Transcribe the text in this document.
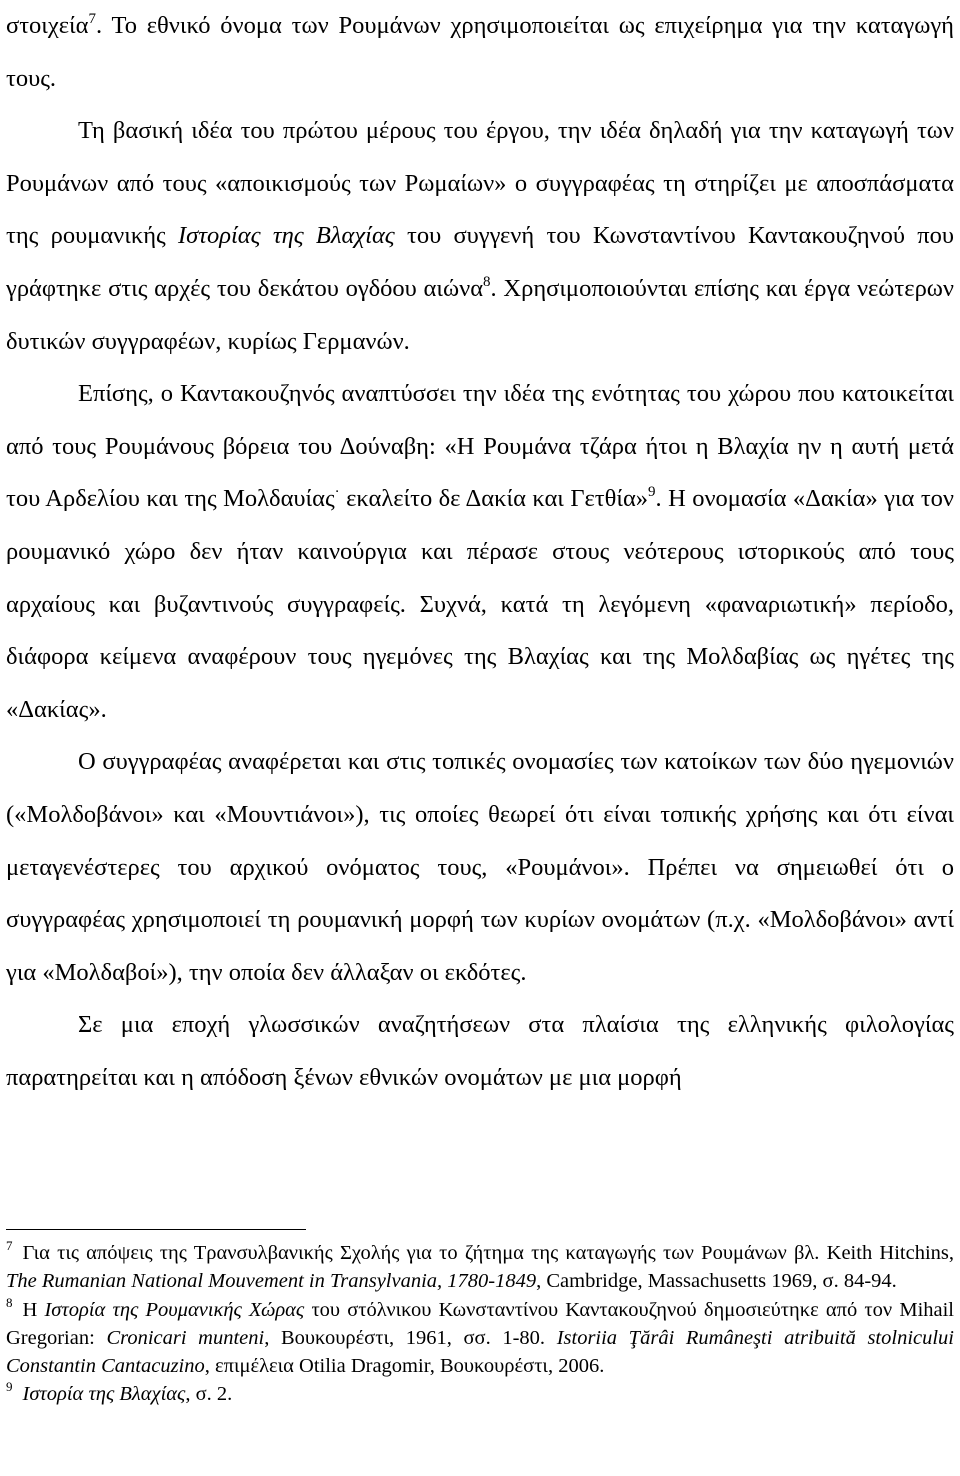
στοιχεία$^7$. Το εθνικό όνομα των Ρουμάνων χρησιμοποιείται ως επιχείρημα για την καταγωγή τους.

Τη βασική ιδέα του πρώτου μέρους του έργου, την ιδέα δηλαδή για την καταγωγή των Ρουμάνων από τους «αποικισμούς των Ρωμαίων» ο συγγραφέας τη στηρίζει με αποσπάσματα της ρουμανικής Ιστορίας της Βλαχίας του συγγενή του Κωνσταντίνου Καντακουζηνού που γράφτηκε στις αρχές του δεκάτου ογδόου αιώνα$^8$. Χρησιμοποιούνται επίσης και έργα νεώτερων δυτικών συγγραφέων, κυρίως Γερμανών.

Επίσης, ο Καντακουζηνός αναπτύσσει την ιδέα της ενότητας του χώρου που κατοικείται από τους Ρουμάνους βόρεια του Δούναβη: «Η Ρουμάνα τζάρα ήτοι η Βλαχία ην η αυτή μετά του Αρδελίου και της Μολδαυίας· εκαλείτο δε Δακία και Γετθία»$^9$. Η ονομασία «Δακία» για τον ρουμανικό χώρο δεν ήταν καινούργια και πέρασε στους νεότερους ιστορικούς από τους αρχαίους και βυζαντινούς συγγραφείς. Συχνά, κατά τη λεγόμενη «φαναριωτική» περίοδο, διάφορα κείμενα αναφέρουν τους ηγεμόνες της Βλαχίας και της Μολδαβίας ως ηγέτες της «Δακίας».

Ο συγγραφέας αναφέρεται και στις τοπικές ονομασίες των κατοίκων των δύο ηγεμονιών («Μολδοβάνοι» και «Μουντιάνοι»), τις οποίες θεωρεί ότι είναι τοπικής χρήσης και ότι είναι μεταγενέστερες του αρχικού ονόματος τους, «Ρουμάνοι». Πρέπει να σημειωθεί ότι ο συγγραφέας χρησιμοποιεί τη ρουμανική μορφή των κυρίων ονομάτων (π.χ. «Μολδοβάνοι» αντί για «Μολδαβοί»), την οποία δεν άλλαξαν οι εκδότες.

Σε μια εποχή γλωσσικών αναζητήσεων στα πλαίσια της ελληνικής φιλολογίας παρατηρείται και η απόδοση ξένων εθνικών ονομάτων με μια μορφή

$^7$ Για τις απόψεις της Τρανσυλβανικής Σχολής για το ζήτημα της καταγωγής των Ρουμάνων βλ. Keith Hitchins, The Rumanian National Mouvement in Transylvania, 1780-1849, Cambridge, Massachusetts 1969, σ. 84-94.

$^8$ Η Ιστορία της Ρουμανικής Χώρας του στόλνικου Κωνσταντίνου Καντακουζηνού δημοσιεύτηκε από τον Mihail Gregorian: Cronicari munteni, Βουκουρέστι, 1961, σσ. 1-80. Istoriia Ţărâi Rumâneşti atribuită stolnicului Constantin Cantacuzino, επιμέλεια Otilia Dragomir, Βουκουρέστι, 2006.

$^9$ Ιστορία της Βλαχίας, σ. 2.
